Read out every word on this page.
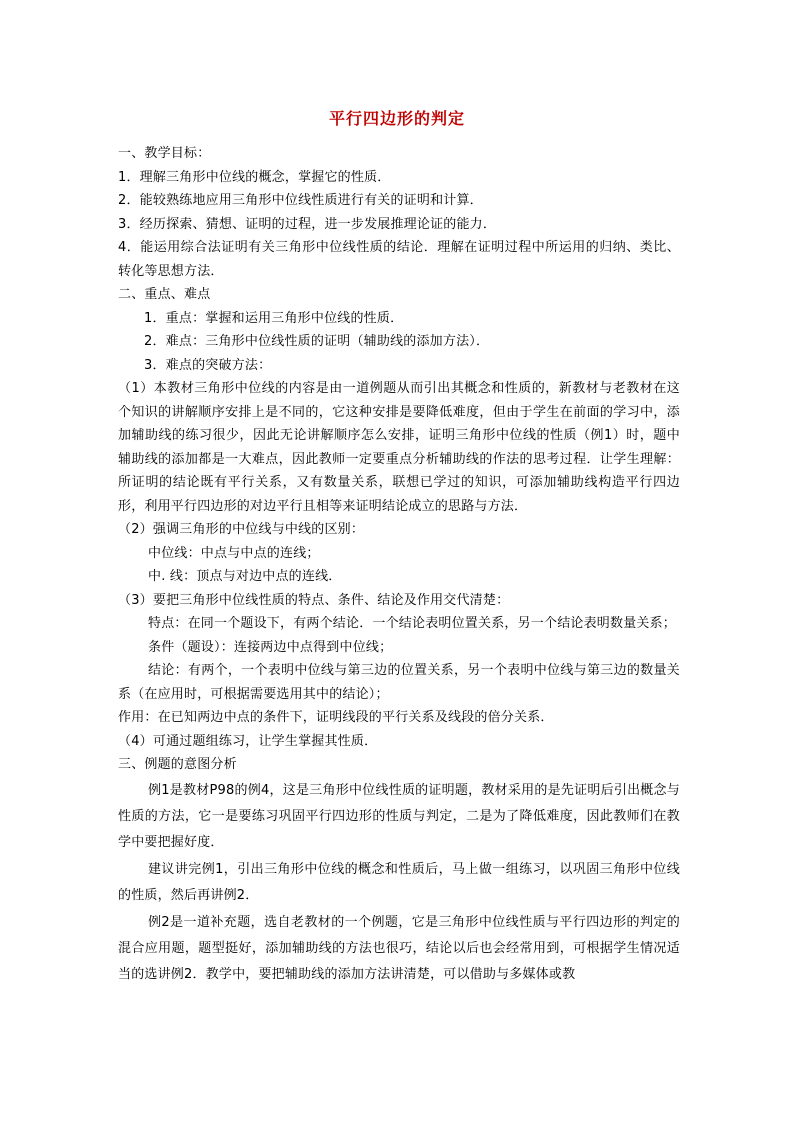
平行四边形的判定

一、教学目标：

1．理解三角形中位线的概念，掌握它的性质．

2．能较熟练地应用三角形中位线性质进行有关的证明和计算．

3．经历探索、猜想、证明的过程，进一步发展推理论证的能力．

4．能运用综合法证明有关三角形中位线性质的结论．理解在证明过程中所运用的归纳、类比、转化等思想方法．

二、重点、难点

1．重点：掌握和运用三角形中位线的性质．

2．难点：三角形中位线性质的证明（辅助线的添加方法）．

3．难点的突破方法：

（1）本教材三角形中位线的内容是由一道例题从而引出其概念和性质的，新教材与老教材在这个知识的讲解顺序安排上是不同的，它这种安排是要降低难度，但由于学生在前面的学习中，添加辅助线的练习很少，因此无论讲解顺序怎么安排，证明三角形中位线的性质（例1）时，题中辅助线的添加都是一大难点，因此教师一定要重点分析辅助线的作法的思考过程．让学生理解：所证明的结论既有平行关系，又有数量关系，联想已学过的知识，可添加辅助线构造平行四边形，利用平行四边形的对边平行且相等来证明结论成立的思路与方法．

（2）强调三角形的中位线与中线的区别：

中位线：中点与中点的连线；

中. 线：顶点与对边中点的连线．

（3）要把三角形中位线性质的特点、条件、结论及作用交代清楚：

特点：在同一个题设下，有两个结论．一个结论表明位置关系，另一个结论表明数量关系；

条件（题设）：连接两边中点得到中位线；

结论：有两个，一个表明中位线与第三边的位置关系，另一个表明中位线与第三边的数量关系（在应用时，可根据需要选用其中的结论）；

作用：在已知两边中点的条件下，证明线段的平行关系及线段的倍分关系．

（4）可通过题组练习，让学生掌握其性质．

三、例题的意图分析

例1是教材P98的例4，这是三角形中位线性质的证明题，教材采用的是先证明后引出概念与性质的方法，它一是要练习巩固平行四边形的性质与判定，二是为了降低难度，因此教师们在教学中要把握好度．

建议讲完例1，引出三角形中位线的概念和性质后，马上做一组练习，以巩固三角形中位线的性质，然后再讲例2．

例2是一道补充题，选自老教材的一个例题，它是三角形中位线性质与平行四边形的判定的混合应用题，题型挺好，添加辅助线的方法也很巧，结论以后也会经常用到，可根据学生情况适当的选讲例2．教学中，要把辅助线的添加方法讲清楚，可以借助与多媒体或教
